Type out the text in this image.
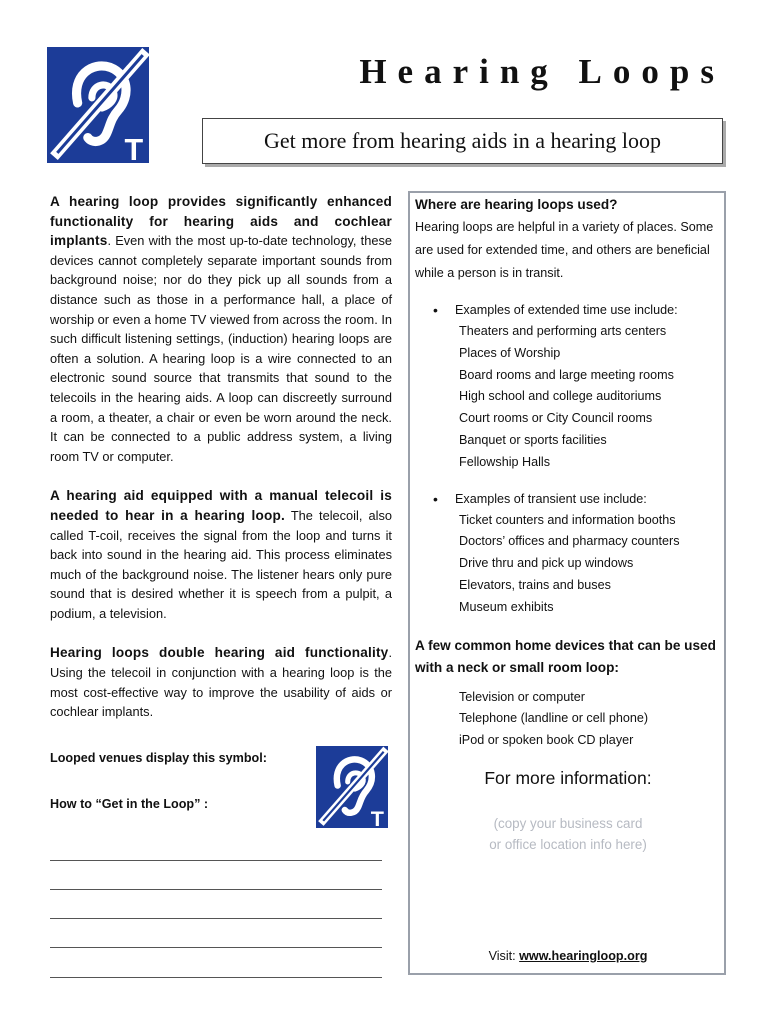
T
Hearing Loops
Get more from hearing aids in a hearing loop

A hearing loop provides significantly enhanced functionality for hearing aids and cochlear implants. Even with the most up-to-date technology, these devices cannot completely separate important sounds from background noise; nor do they pick up all sounds from a distance such as those in a performance hall, a place of worship or even a home TV viewed from across the room. In such difficult listening settings, (induction) hearing loops are often a solution. A hearing loop is a wire connected to an electronic sound source that transmits that sound to the telecoils in the hearing aids. A loop can discreetly surround a room, a theater, a chair or even be worn around the neck. It can be connected to a public address system, a living room TV or computer.

A hearing aid equipped with a manual telecoil is needed to hear in a hearing loop. The telecoil, also called T-coil, receives the signal from the loop and turns it back into sound in the hearing aid. This process eliminates much of the background noise. The listener hears only pure sound that is desired whether it is speech from a pulpit, a podium, a television.

Hearing loops double hearing aid functionality. Using the telecoil in conjunction with a hearing loop is the most cost-effective way to improve the usability of aids or cochlear implants.

Looped venues display this symbol:
T
How to “Get in the Loop” :

Where are hearing loops used?

Hearing loops are helpful in a variety of places. Some are used for extended time, and others are beneficial while a person is in transit.

•	Examples of extended time use include:
Theaters and performing arts centers
Places of Worship
Board rooms and large meeting rooms
High school and college auditoriums
Court rooms or City Council rooms
Banquet or sports facilities
Fellowship Halls
•	Examples of transient use include:
Ticket counters and information booths
Doctors’ offices and pharmacy counters
Drive thru and pick up windows
Elevators, trains and buses
Museum exhibits

A few common home devices that can be used with a neck or small room loop:

Television or computer
Telephone (landline or cell phone)
iPod or spoken book CD player

For more information:

(copy your business card

or office location info here)

Visit: www.hearingloop.org
